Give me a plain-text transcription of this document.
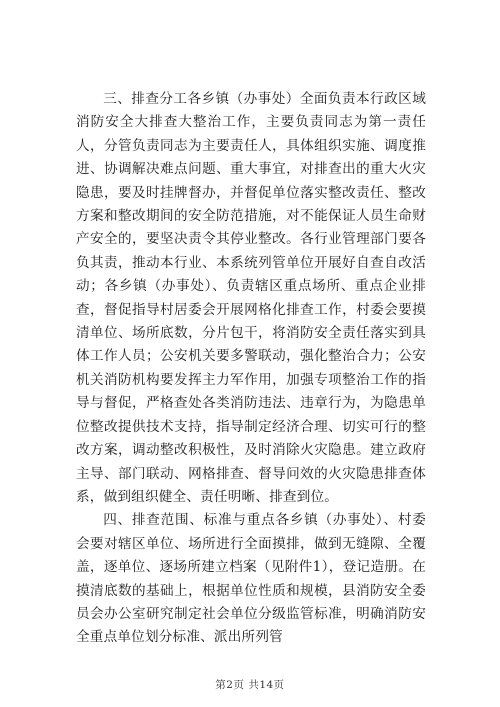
三、排查分工各乡镇（办事处）全面负责本行政区域消防安全大排查大整治工作，主要负责同志为第一责任人，分管负责同志为主要责任人，具体组织实施、调度推进、协调解决难点问题、重大事宜，对排查出的重大火灾隐患，要及时挂牌督办，并督促单位落实整改责任、整改方案和整改期间的安全防范措施，对不能保证人员生命财产安全的，要坚决责令其停业整改。各行业管理部门要各负其责，推动本行业、本系统列管单位开展好自查自改活动；各乡镇（办事处）、负责辖区重点场所、重点企业排查，督促指导村居委会开展网格化排查工作，村委会要摸清单位、场所底数，分片包干，将消防安全责任落实到具体工作人员；公安机关要多警联动，强化整治合力；公安机关消防机构要发挥主力军作用，加强专项整治工作的指导与督促，严格查处各类消防违法、违章行为，为隐患单位整改提供技术支持，指导制定经济合理、切实可行的整改方案，调动整改积极性，及时消除火灾隐患。建立政府主导、部门联动、网格排查、督导问效的火灾隐患排查体系，做到组织健全、责任明晰、排查到位。

四、排查范围、标准与重点各乡镇（办事处）、村委会要对辖区单位、场所进行全面摸排，做到无缝隙、全覆盖，逐单位、逐场所建立档案（见附件1），登记造册。在摸清底数的基础上，根据单位性质和规模，县消防安全委员会办公室研究制定社会单位分级监管标准，明确消防安全重点单位划分标准、派出所列管

第2页 共14页
